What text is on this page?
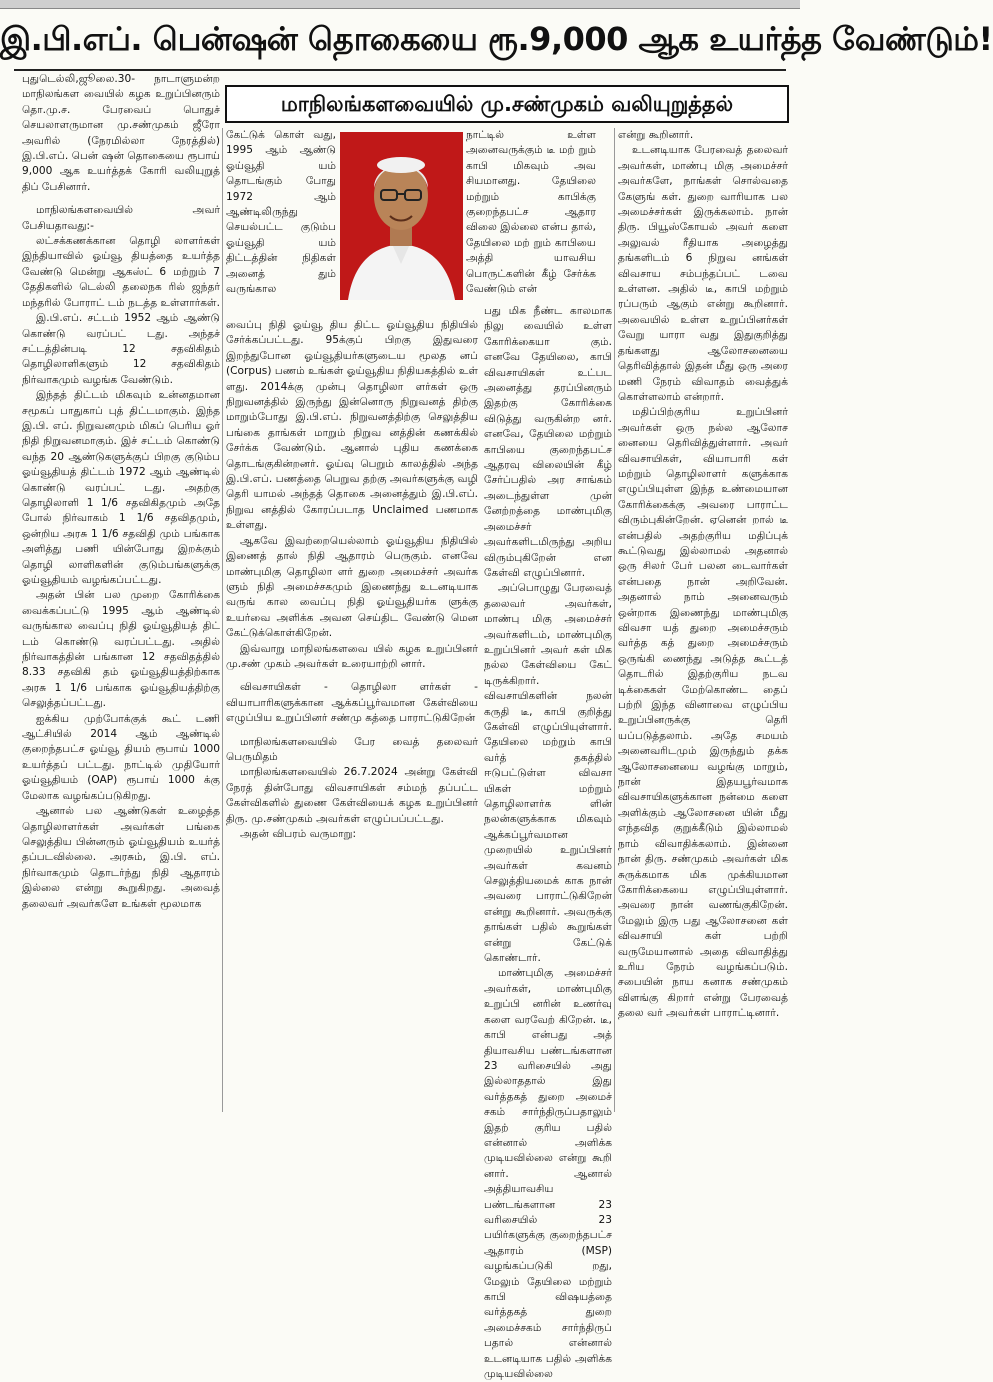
இ.பி.எப். பென்ஷன் தொகையை ரூ.9,000 ஆக உயர்த்த வேண்டும்!
மாநிலங்களவையில் மு.சண்முகம் வலியுறுத்தல்

புதுடெல்லி,ஜூலை.30- நாடாளுமன்ற மாநிலங்கள வையில் கழக உறுப்பினரும் தொ.மு.ச. பேரவைப் பொதுச் செயலாளருமான மு.சண்முகம் ஜீரோ அவரில் (நேரமில்லா நேரத்தில்) இ.பி.எப். பென் ஷன் தொகையை ரூபாய் 9,000 ஆக உயர்த்தக் கோரி வலியுறுத் திப் பேசினார்.

மாநிலங்களவையில் அவர் பேசியதாவது:-

லட்சக்கணக்கான தொழி லாளர்கள் இந்தியாவில் ஓய்வூ தியத்தை உயர்த்த வேண்டு மென்று ஆகஸ்ட் 6 மற்றும் 7 தேதிகளில் டெல்லி தலைநக ரில் ஜந்தர் மந்தரில் போராட் டம் நடத்த உள்ளார்கள்.

இ.பி.எப். சட்டம் 1952 ஆம் ஆண்டு கொண்டு வரப்பட் டது. அந்தச் சட்டத்தின்படி 12 சதவிகிதம் தொழிலாளிகளும் 12 சதவிகிதம் நிர்வாகமும் வழங்க வேண்டும்.

இந்தத் திட்டம் மிகவும் உன்னதமான சமூகப் பாதுகாப் புத் திட்டமாகும். இந்த இ.பி. எப். நிறுவனமும் மிகப் பெரிய ஓர் நிதி நிறுவனமாகும். இச் சட்டம் கொண்டு வந்த 20 ஆண்டுகளுக்குப் பிறகு குடும்ப ஓய்வூதியத் திட்டம் 1972 ஆம் ஆண்டில் கொண்டு வரப்பட் டது. அதற்கு தொழிலாளி 1 1/6 சதவிகிதமும் அதே போல் நிர்வாகம் 1 1/6 சதவிதமும், ஒன்றிய அரசு 1 1/6 சதவிதி மும் பங்காக அளித்து பணி யின்போது இறக்கும் தொழி லாளிகளின் குடும்பங்களுக்கு ஓய்வூதியம் வழங்கப்பட்டது.

அதன் பின் பல முறை கோரிக்கை வைக்கப்பட்டு 1995 ஆம் ஆண்டில் வருங்கால வைப்பு நிதி ஓய்வூதியத் திட் டம் கொண்டு வரப்பட்டது. அதில் நிர்வாகத்தின் பங்கான 12 சதவிதத்தில் 8.33 சதவிகி தம் ஓய்வூதியத்திற்காக அரசு 1 1/6 பங்காக ஓய்வூதியத்திற்கு செலுத்தப்பட்டது.

ஐக்கிய முற்போக்குக் கூட் டணி ஆட்சியில் 2014 ஆம் ஆண்டில் குறைந்தபட்ச ஓய்வூ தியம் ரூபாய் 1000 உயர்த்தப் பட்டது. நாட்டில் முதியோர் ஓய்வூதியம் (OAP) ரூபாய் 1000 க்கு மேலாக வழங்கப்படுகிறது.

ஆனால் பல ஆண்டுகள் உழைத்த தொழிலாளர்கள் அவர்கள் பங்கை செலுத்திய பின்னரும் ஓய்வூதியம் உயர்த் தப்படவில்லை. அரசும், இ.பி. எப். நிர்வாகமும் தொடர்ந்து நிதி ஆதாரம் இல்லை என்று கூறுகிறது. அவைத் தலைவர் அவர்களே உங்கள் மூலமாக

கேட்டுக் கொள் வது, 1995 ஆம் ஆண்டு ஓய்வூதி யம் தொடங்கும் போது 1972 ஆம் ஆண்டிலிருந்து செயல்பட்ட குடும்ப ஓய்வூதி யம் திட்டத்தின் நிதிகள் அனைத் தும் வருங்கால

வைப்பு நிதி ஓய்வூ திய திட்ட ஓய்வூதிய நிதியில் சேர்க்கப்பட்டது. 95க்குப் பிறகு இதுவரை இறந்துபோன ஓய்வூதியர்களுடைய மூலத னப் (Corpus) பணம் உங்கள் ஓய்வூதிய நிதியகத்தில் உள் ளது. 2014க்கு முன்பு தொழிலா ளர்கள் ஒரு நிறுவனத்தில் இருந்து இன்னொரு நிறுவனத் திற்கு மாறும்போது இ.பி.எப். நிறுவனத்திற்கு செலுத்திய பங்கை தாங்கள் மாறும் நிறுவ னத்தின் கணக்கில் சேர்க்க வேண்டும். ஆனால் புதிய கணக்கை தொடங்குகின்றனர். ஓய்வு பெறும் காலத்தில் அந்த இ.பி.எப். பணத்தை பெறுவ தற்கு அவர்களுக்கு வழி தெரி யாமல் அந்தத் தொகை அனைத்தும் இ.பி.எப். நிறுவ னத்தில் கோரப்படாத Unclaimed பணமாக உள்ளது.

ஆகவே இவற்றையெல்லாம் ஓய்வூதிய நிதியில் இணைத் தால் நிதி ஆதாரம் பெருகும். எனவே மாண்புமிகு தொழிலா ளர் துறை அமைச்சர் அவர்க ளும் நிதி அமைச்சகமும் இணைந்து உடனடியாக வருங் கால வைப்பு நிதி ஓய்வூதியர்க ளுக்கு உயர்வை அளிக்க அவன செய்திட வேண்டு மென கேட்டுக்கொள்கிறேன்.

இவ்வாறு மாநிலங்களவை யில் கழக உறுப்பினர் மு.சண் முகம் அவர்கள் உரையாற்றி னார்.

விவசாயிகள் - தொழிலா ளர்கள் - வியாபாரிகளுக்கான ஆக்கப்பூர்வமான கேள்வியை எழுப்பிய உறுப்பினர் சண்மு கத்தை பாராட்டுகிறேன்

மாநிலங்களவையில் பேர வைத் தலைவர் பெருமிதம்

மாநிலங்களவையில் 26.7.2024 அன்று கேள்வி நேரத் தின்போது விவசாயிகள் சம்மந் தப்பட்ட கேள்விகளில் துணை கேள்வியைக் கழக உறுப்பினர் திரு. மு.சண்முகம் அவர்கள் எழுப்பப்பட்டது.

அதன் விபரம் வருமாறு:

நாட்டில் உள்ள அனைவருக்கும் டீ மற் றும் காபி மிகவும் அவ சியமானது. தேயிலை மற்றும் காபிக்கு குறைந்தபட்ச ஆதார விலை இல்லை என்ப தால், தேயிலை மற் றும் காபியை அத்தி யாவசிய பொருட்களின் கீழ் சேர்க்க வேண்டும் என்

பது மிக நீண்ட காலமாக நிலு வையில் உள்ள கோரிக்கையா கும். எனவே தேயிலை, காபி விவசாயிகள் உட்பட அனைத்து தரப்பினரும் இதற்கு கோரிக்கை விடுத்து வருகின்ற னர். எனவே, தேயிலை மற்றும் காபியை குறைந்தபட்ச ஆதரவு விலையின் கீழ் சேர்ப்பதில் அர சாங்கம் அடைந்துள்ள முன் னேற்றத்தை மாண்புமிகு அமைச்சர் அவர்களிடமிருந்து அறிய விரும்புகிறேன் என கேள்வி எழுப்பினார்.

அப்பொழுது பேரவைத் தலைவர் அவர்கள், மாண்பு மிகு அமைச்சர் அவர்களிடம், மாண்புமிகு உறுப்பினர் அவர் கள் மிக நல்ல கேள்வியை கேட் டிருக்கிறார். விவசாயிகளின் நலன் கருதி டீ, காபி குறித்து கேள்வி எழுப்பியுள்ளார். தேயிலை மற்றும் காபி வர்த் தகத்தில் ஈடுபட்டுள்ள விவசா யிகள் மற்றும் தொழிலாளர்க ளின் நலன்களுக்காக மிகவும் ஆக்கப்பூர்வமான முறையில் உறுப்பினர் அவர்கள் கவனம் செலுத்தியமைக் காக நான் அவரை பாராட்டுகிறேன் என்று கூறினார். அவருக்கு தாங்கள் பதில் கூறுங்கள் என்று கேட்டுக் கொண்டார்.

மாண்புமிகு அமைச்சர் அவர்கள், மாண்புமிகு உறுப்பி னரின் உணர்வு களை வரவேற் கிறேன். டீ, காபி என்பது அத் தியாவசிய பண்டங்களான 23 வரிசையில் அது இல்லாததால் இது வர்த்தகத் துறை அமைச் சகம் சார்ந்திருப்பதாலும் இதற் குரிய பதில் என்னால் அளிக்க முடியவில்லை என்று கூறி னார். ஆனால் அத்தியாவசிய பண்டங்களான 23 வரிசையில் 23 பயிர்களுக்கு குறைந்தபட்ச ஆதாரம் (MSP) வழங்கப்படுகி றது, மேலும் தேயிலை மற்றும் காபி விஷயத்தை வர்த்தகத் துறை அமைச்சகம் சார்ந்திருப் பதால் என்னால் உடனடியாக பதில் அளிக்க முடியவில்லை

என்று கூறினார்.

உடனடியாக பேரவைத் தலைவர் அவர்கள், மாண்பு மிகு அமைச்சர் அவர்களே, நாங்கள் சொல்வதை கேளுங் கள். துறை வாரியாக பல அமைச்சர்கள் இருக்கலாம். நான் திரு. பியூஸ்கோயல் அவர் களை அலுவல் ரீதியாக அழைத்து தங்களிடம் 6 நிறுவ னங்கள் விவசாய சம்பந்தப்பட் டவை உள்ளன. அதில் டீ, காபி மற்றும் ரப்பரும் ஆகும் என்று கூறினார். அவையில் உள்ள உறுப்பினர்கள் வேறு யாரா வது இதுகுறித்து தங்களது ஆலோசனையை தெரிவித்தால் இதன் மீது ஒரு அரை மணி நேரம் விவாதம் வைத்துக் கொள்ளலாம் என்றார்.

மதிப்பிற்குரிய உறுப்பினர் அவர்கள் ஒரு நல்ல ஆலோச னையை தெரிவித்துள்ளார். அவர் விவசாயிகள், வியாபாரி கள் மற்றும் தொழிலாளர் களுக்காக எழுப்பியுள்ள இந்த உண்மையான கோரிக்கைக்கு அவரை பாராட்ட விரும்புகின்றேன். ஏனென் றால் டீ என்பதில் அதற்குரிய மதிப்புக் கூட்டுவது இல்லாமல் அதனால் ஒரு சிலர் பேர் பலன டைவார்கள் என்பதை நான் அறிவேன். அதனால் நாம் அனைவரும் ஒன்றாக இணைந்து மாண்புமிகு விவசா யத் துறை அமைச்சரும் வர்த்த கத் துறை அமைச்சரும் ஒருங்கி ணைந்து அடுத்த கூட்டத் தொடரில் இதற்குரிய நடவ டிக்கைகள் மேற்கொண்ட தைப் பற்றி இந்த வினாவை எழுப்பிய உறுப்பினருக்கு தெரி யப்படுத்தலாம். அதே சமயம் அனைவரிடமும் இருந்தும் தக்க ஆலோசனையை வழங்கு மாறும், நான் இதயபூர்வமாக விவசாயிகளுக்கான நன்மை களை அளிக்கும் ஆலோசனை யின் மீது எந்தவித குறுக்கீடும் இல்லாமல் நாம் விவாதிக்கலாம். இன்னை நான் திரு. சண்முகம் அவர்கள் மிக சுருக்கமாக மிக முக்கியமான கோரிக்கையை எழுப்பியுள்ளார். அவரை நான் வணங்குகிறேன். மேலும் இரு பது ஆலோசனை கள் விவசாயி கள் பற்றி வருமேயானால் அதை விவாதித்து உரிய நேரம் வழங்கப்படும். சபையின் நாய கனாக சண்முகம் விளங்கு கிறார் என்று பேரவைத் தலை வர் அவர்கள் பாராட்டினார்.
